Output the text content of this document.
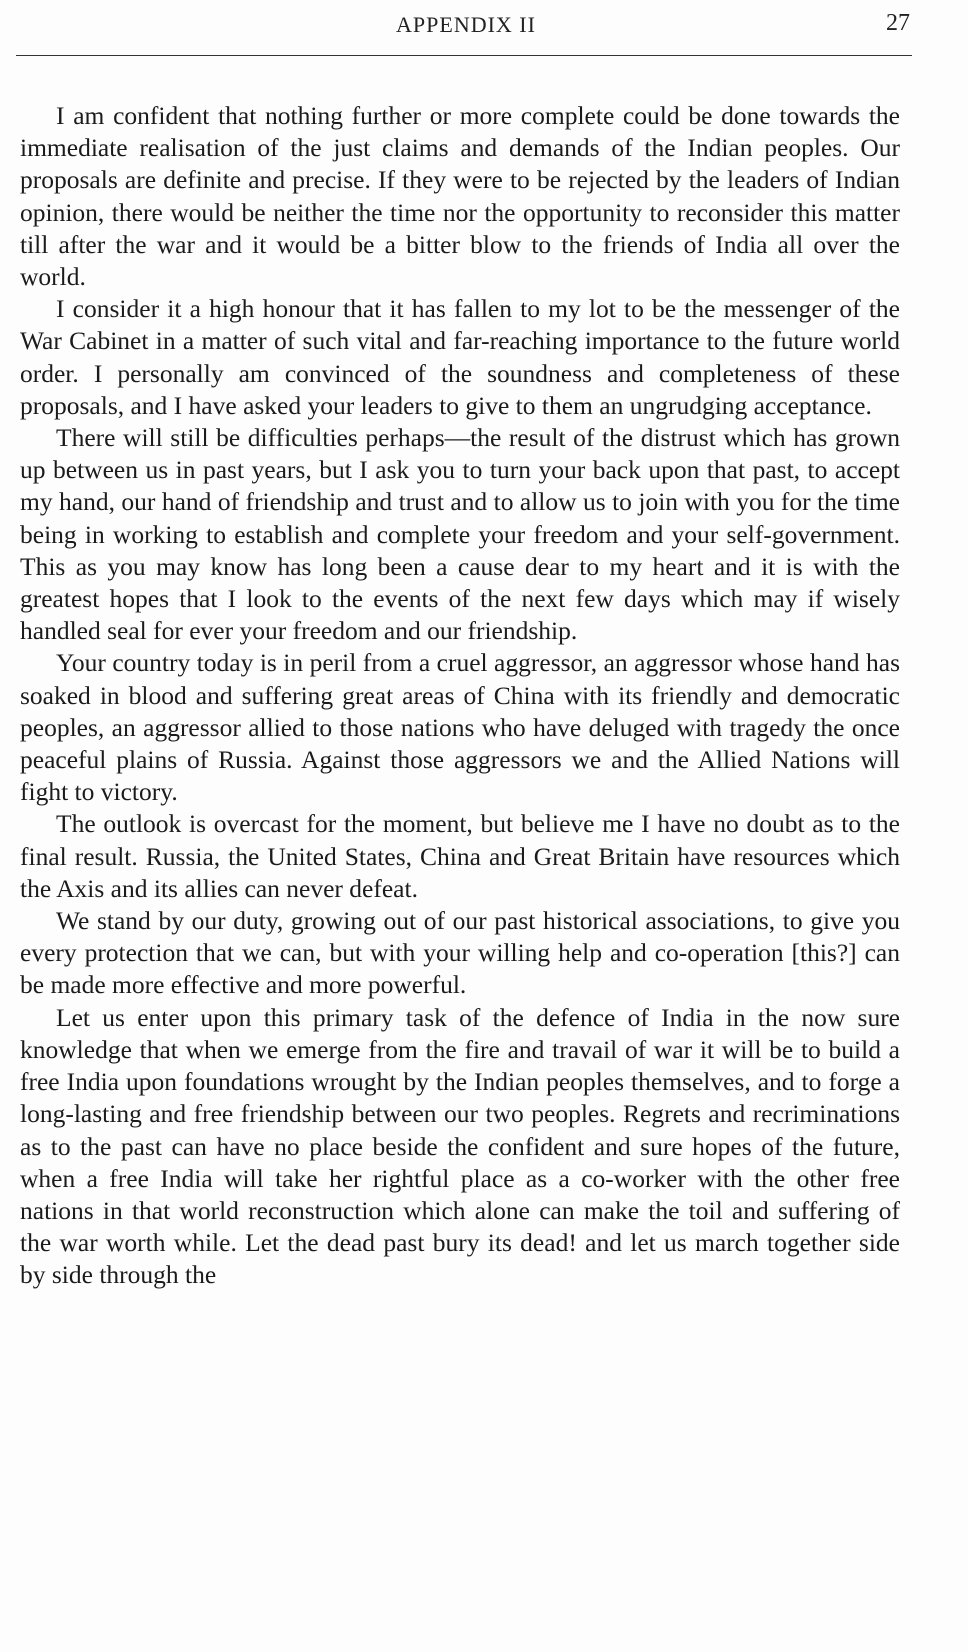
APPENDIX II	27

I am confident that nothing further or more complete could be done towards the immediate realisation of the just claims and demands of the Indian peoples. Our proposals are definite and precise. If they were to be rejected by the leaders of Indian opinion, there would be neither the time nor the opportunity to reconsider this matter till after the war and it would be a bitter blow to the friends of India all over the world.

I consider it a high honour that it has fallen to my lot to be the messenger of the War Cabinet in a matter of such vital and far-reaching importance to the future world order. I personally am convinced of the soundness and completeness of these proposals, and I have asked your leaders to give to them an ungrudging acceptance.

There will still be difficulties perhaps—the result of the distrust which has grown up between us in past years, but I ask you to turn your back upon that past, to accept my hand, our hand of friendship and trust and to allow us to join with you for the time being in working to establish and complete your freedom and your self-government. This as you may know has long been a cause dear to my heart and it is with the greatest hopes that I look to the events of the next few days which may if wisely handled seal for ever your freedom and our friendship.

Your country today is in peril from a cruel aggressor, an aggressor whose hand has soaked in blood and suffering great areas of China with its friendly and democratic peoples, an aggressor allied to those nations who have deluged with tragedy the once peaceful plains of Russia. Against those aggressors we and the Allied Nations will fight to victory.

The outlook is overcast for the moment, but believe me I have no doubt as to the final result. Russia, the United States, China and Great Britain have resources which the Axis and its allies can never defeat.

We stand by our duty, growing out of our past historical associations, to give you every protection that we can, but with your willing help and co-operation [this?] can be made more effective and more powerful.

Let us enter upon this primary task of the defence of India in the now sure knowledge that when we emerge from the fire and travail of war it will be to build a free India upon foundations wrought by the Indian peoples themselves, and to forge a long-lasting and free friendship between our two peoples. Regrets and recriminations as to the past can have no place beside the confident and sure hopes of the future, when a free India will take her rightful place as a co-worker with the other free nations in that world reconstruction which alone can make the toil and suffering of the war worth while. Let the dead past bury its dead! and let us march together side by side through the
